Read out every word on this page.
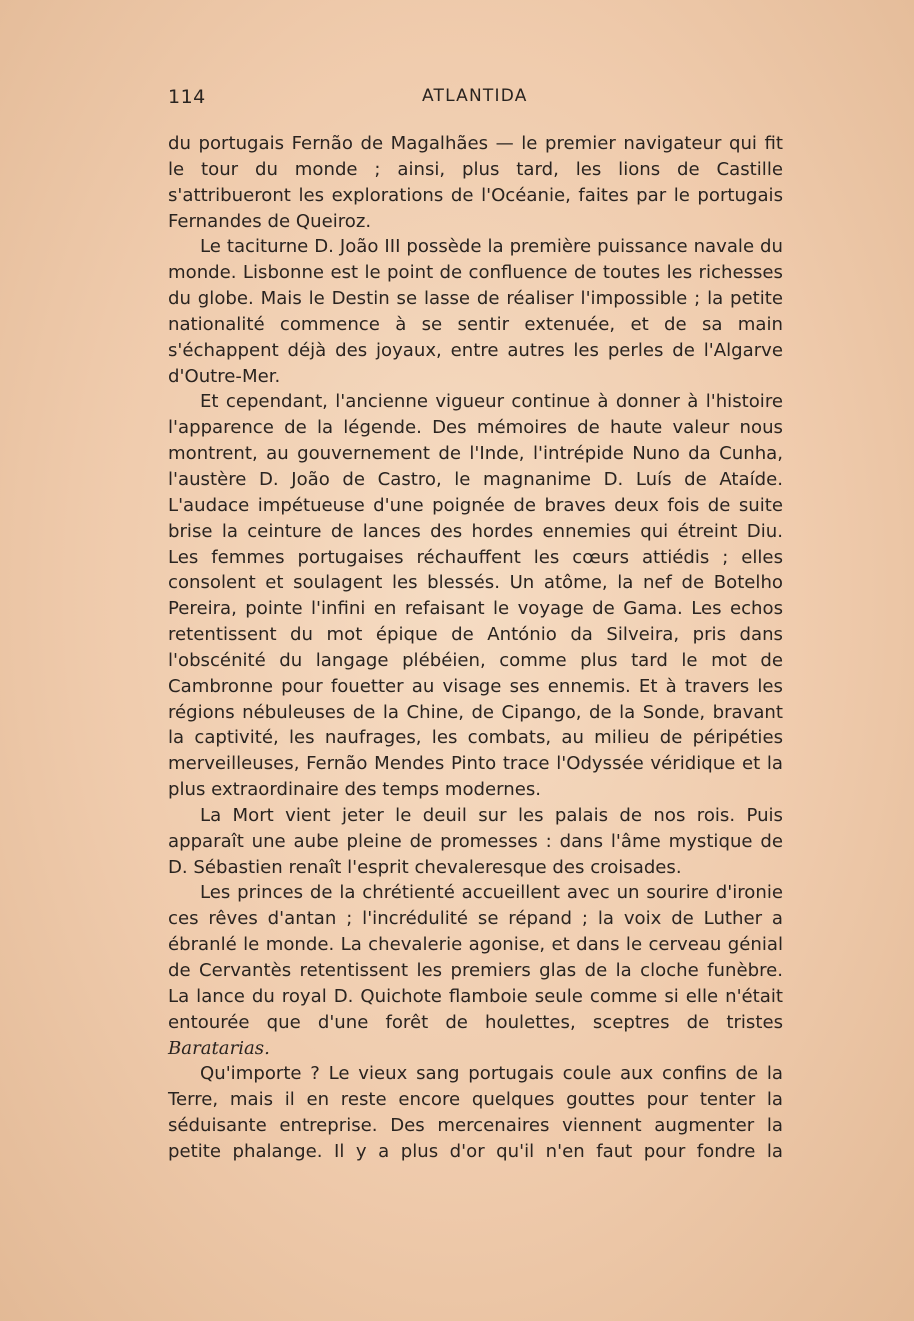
114	ATLANTIDA

du portugais Fernão de Magalhães — le premier navigateur qui fit le tour du monde ; ainsi, plus tard, les lions de Castille s'attribueront les explorations de l'Océanie, faites par le portugais Fernandes de Queiroz.

Le taciturne D. João III possède la première puissance navale du monde. Lisbonne est le point de confluence de toutes les richesses du globe. Mais le Destin se lasse de réaliser l'impossible ; la petite nationalité commence à se sentir extenuée, et de sa main s'échappent déjà des joyaux, entre autres les perles de l'Algarve d'Outre-Mer.

Et cependant, l'ancienne vigueur continue à donner à l'histoire l'apparence de la légende. Des mémoires de haute valeur nous montrent, au gouvernement de l'Inde, l'intrépide Nuno da Cunha, l'austère D. João de Castro, le magnanime D. Luís de Ataíde. L'audace impétueuse d'une poignée de braves deux fois de suite brise la ceinture de lances des hordes ennemies qui étreint Diu. Les femmes portugaises réchauffent les cœurs attiédis ; elles consolent et soulagent les blessés. Un atôme, la nef de Botelho Pereira, pointe l'infini en refaisant le voyage de Gama. Les echos retentissent du mot épique de António da Silveira, pris dans l'obscénité du langage plébéien, comme plus tard le mot de Cambronne pour fouetter au visage ses ennemis. Et à travers les régions nébuleuses de la Chine, de Cipango, de la Sonde, bravant la captivité, les naufrages, les combats, au milieu de péripéties merveilleuses, Fernão Mendes Pinto trace l'Odyssée véridique et la plus extraordinaire des temps modernes.

La Mort vient jeter le deuil sur les palais de nos rois. Puis apparaît une aube pleine de promesses : dans l'âme mystique de D. Sébastien renaît l'esprit chevaleresque des croisades.

Les princes de la chrétienté accueillent avec un sourire d'ironie ces rêves d'antan ; l'incrédulité se répand ; la voix de Luther a ébranlé le monde. La chevalerie agonise, et dans le cerveau génial de Cervantès retentissent les premiers glas de la cloche funèbre. La lance du royal D. Quichote flamboie seule comme si elle n'était entourée que d'une forêt de houlettes, sceptres de tristes Baratarias.

Qu'importe ? Le vieux sang portugais coule aux confins de la Terre, mais il en reste encore quelques gouttes pour tenter la séduisante entreprise. Des mercenaires viennent augmenter la petite phalange. Il y a plus d'or qu'il n'en faut pour fondre la
